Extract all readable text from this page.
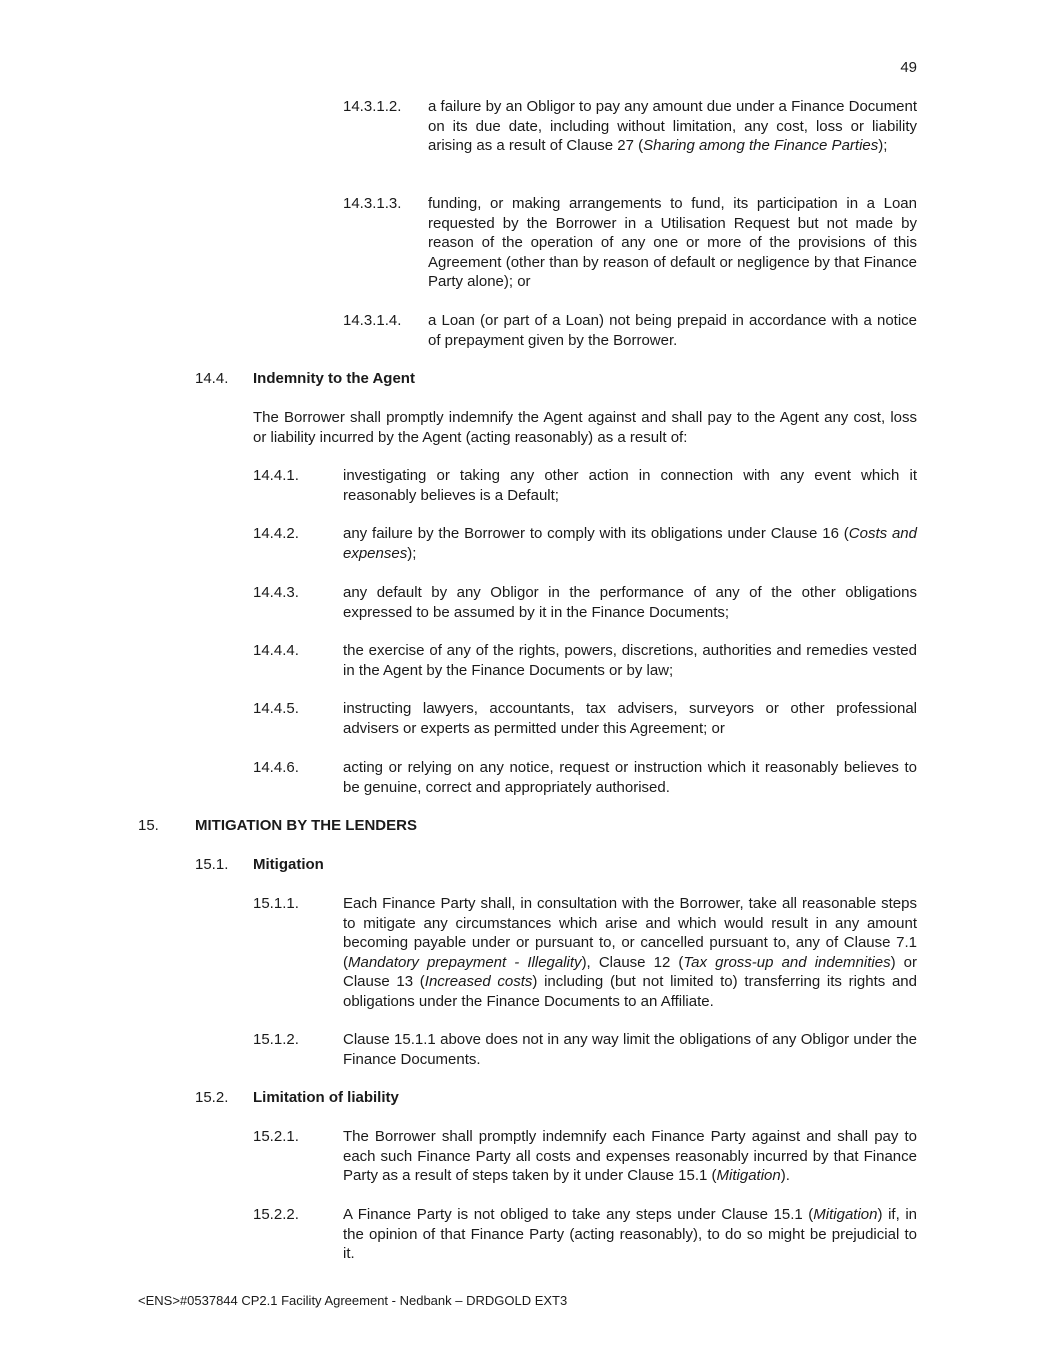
49
14.3.1.2. a failure by an Obligor to pay any amount due under a Finance Document on its due date, including without limitation, any cost, loss or liability arising as a result of Clause 27 (Sharing among the Finance Parties);
14.3.1.3. funding, or making arrangements to fund, its participation in a Loan requested by the Borrower in a Utilisation Request but not made by reason of the operation of any one or more of the provisions of this Agreement (other than by reason of default or negligence by that Finance Party alone); or
14.3.1.4. a Loan (or part of a Loan) not being prepaid in accordance with a notice of prepayment given by the Borrower.
14.4. Indemnity to the Agent
The Borrower shall promptly indemnify the Agent against and shall pay to the Agent any cost, loss or liability incurred by the Agent (acting reasonably) as a result of:
14.4.1.	investigating or taking any other action in connection with any event which it reasonably believes is a Default;
14.4.2.	any failure by the Borrower to comply with its obligations under Clause 16 (Costs and expenses);
14.4.3.	any default by any Obligor in the performance of any of the other obligations expressed to be assumed by it in the Finance Documents;
14.4.4.	the exercise of any of the rights, powers, discretions, authorities and remedies vested in the Agent by the Finance Documents or by law;
14.4.5.	instructing lawyers, accountants, tax advisers, surveyors or other professional advisers or experts as permitted under this Agreement; or
14.4.6.	acting or relying on any notice, request or instruction which it reasonably believes to be genuine, correct and appropriately authorised.
15. MITIGATION BY THE LENDERS
15.1. Mitigation
15.1.1.	Each Finance Party shall, in consultation with the Borrower, take all reasonable steps to mitigate any circumstances which arise and which would result in any amount becoming payable under or pursuant to, or cancelled pursuant to, any of Clause 7.1 (Mandatory prepayment - Illegality), Clause 12 (Tax gross-up and indemnities) or Clause 13 (Increased costs) including (but not limited to) transferring its rights and obligations under the Finance Documents to an Affiliate.
15.1.2.	Clause 15.1.1 above does not in any way limit the obligations of any Obligor under the Finance Documents.
15.2. Limitation of liability
15.2.1.	The Borrower shall promptly indemnify each Finance Party against and shall pay to each such Finance Party all costs and expenses reasonably incurred by that Finance Party as a result of steps taken by it under Clause 15.1 (Mitigation).
15.2.2.	A Finance Party is not obliged to take any steps under Clause 15.1 (Mitigation) if, in the opinion of that Finance Party (acting reasonably), to do so might be prejudicial to it.
<ENS>#0537844 CP2.1 Facility Agreement - Nedbank – DRDGOLD EXT3
